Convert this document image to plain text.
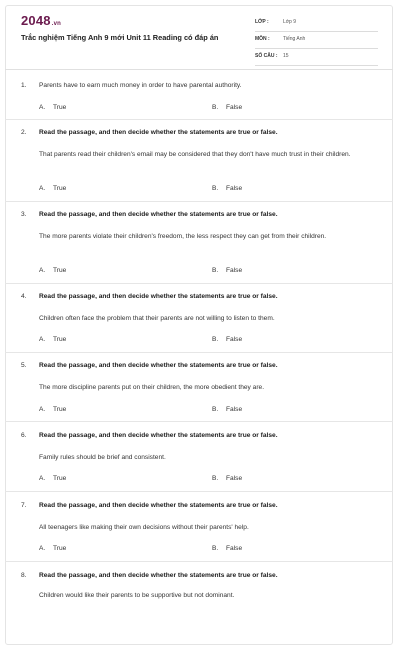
2048.vn
Trắc nghiệm Tiếng Anh 9 mới Unit 11 Reading có đáp án
LỚP :	Lớp 9
MÔN :	Tiếng Anh
SỐ CÂU : 15
1. Parents have to earn much money in order to have parental authority.
A. True	B. False
2. Read the passage, and then decide whether the statements are true or false.
That parents read their children's email may be considered that they don't have much trust in their children.
A. True	B. False
3. Read the passage, and then decide whether the statements are true or false.
The more parents violate their children's freedom, the less respect they can get from their children.
A. True	B. False
4. Read the passage, and then decide whether the statements are true or false.
Children often face the problem that their parents are not willing to listen to them.
A. True	B. False
5. Read the passage, and then decide whether the statements are true or false.
The more discipline parents put on their children, the more obedient they are.
A. True	B. False
6. Read the passage, and then decide whether the statements are true or false.
Family rules should be brief and consistent.
A. True	B. False
7. Read the passage, and then decide whether the statements are true or false.
All teenagers like making their own decisions without their parents' help.
A. True	B. False
8. Read the passage, and then decide whether the statements are true or false.
Children would like their parents to be supportive but not dominant.
